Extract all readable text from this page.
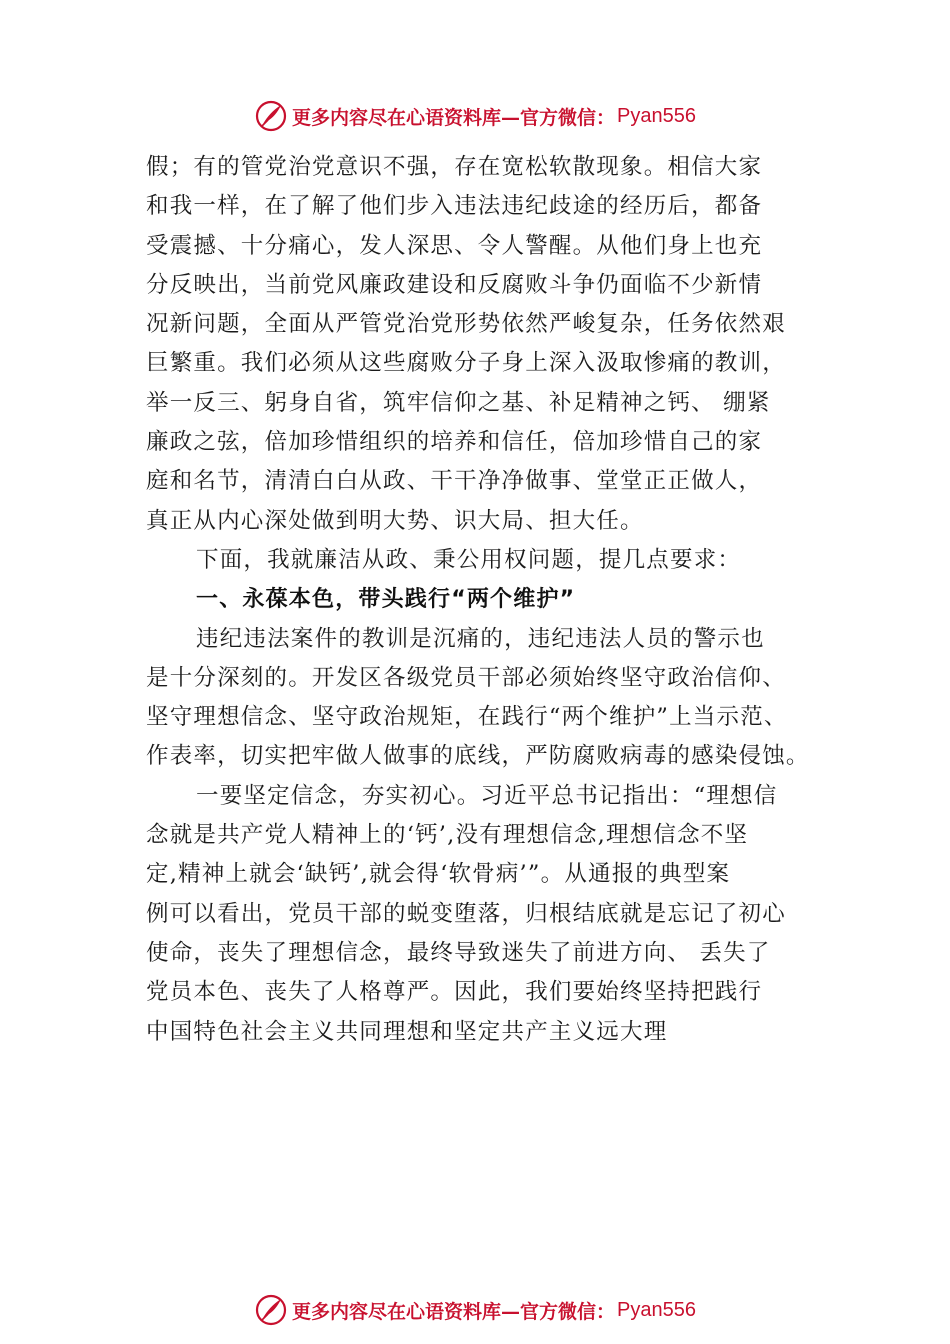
更多内容尽在心语资料库— 官方微信： Pyan556
假；有的管党治党意识不强，存在宽松软散现象。相信大家
和我一样，在了解了他们步入违法违纪歧途的经历后，都备
受震撼、十分痛心，发人深思、令人警醒。从他们身上也充
分反映出，当前党风廉政建设和反腐败斗争仍面临不少新情
况新问题，全面从严管党治党形势依然严峻复杂，任务依然艰
巨繁重。我们必须从这些腐败分子身上深入汲取惨痛的教训，
举一反三、躬身自省，筑牢信仰之基、补足精神之钙、 绷紧
廉政之弦，倍加珍惜组织的培养和信任，倍加珍惜自己的家
庭和名节，清清白白从政、干干净净做事、堂堂正正做人，
真正从内心深处做到明大势、识大局、担大任。
下面，我就廉洁从政、秉公用权问题，提几点要求：
一、永葆本色，带头践行“两个维护”
违纪违法案件的教训是沉痛的，违纪违法人员的警示也
是十分深刻的。开发区各级党员干部必须始终坚守政治信仰、
坚守理想信念、坚守政治规矩，在践行“两个维护”上当示范、
作表率，切实把牢做人做事的底线，严防腐败病毒的感染侵蚀。
一要坚定信念，夯实初心。习近平总书记指出：“理想信
念就是共产党人精神上的‘钙’,没有理想信念,理想信念不坚
定,精神上就会‘缺钙’,就会得‘软骨病’”。从通报的典型案
例可以看出，党员干部的蜕变堕落，归根结底就是忘记了初心
使命，丧失了理想信念，最终导致迷失了前进方向、 丢失了
党员本色、丧失了人格尊严。因此，我们要始终坚持把践行
中国特色社会主义共同理想和坚定共产主义远大理
更多内容尽在心语资料库— 官方微信： Pyan556
